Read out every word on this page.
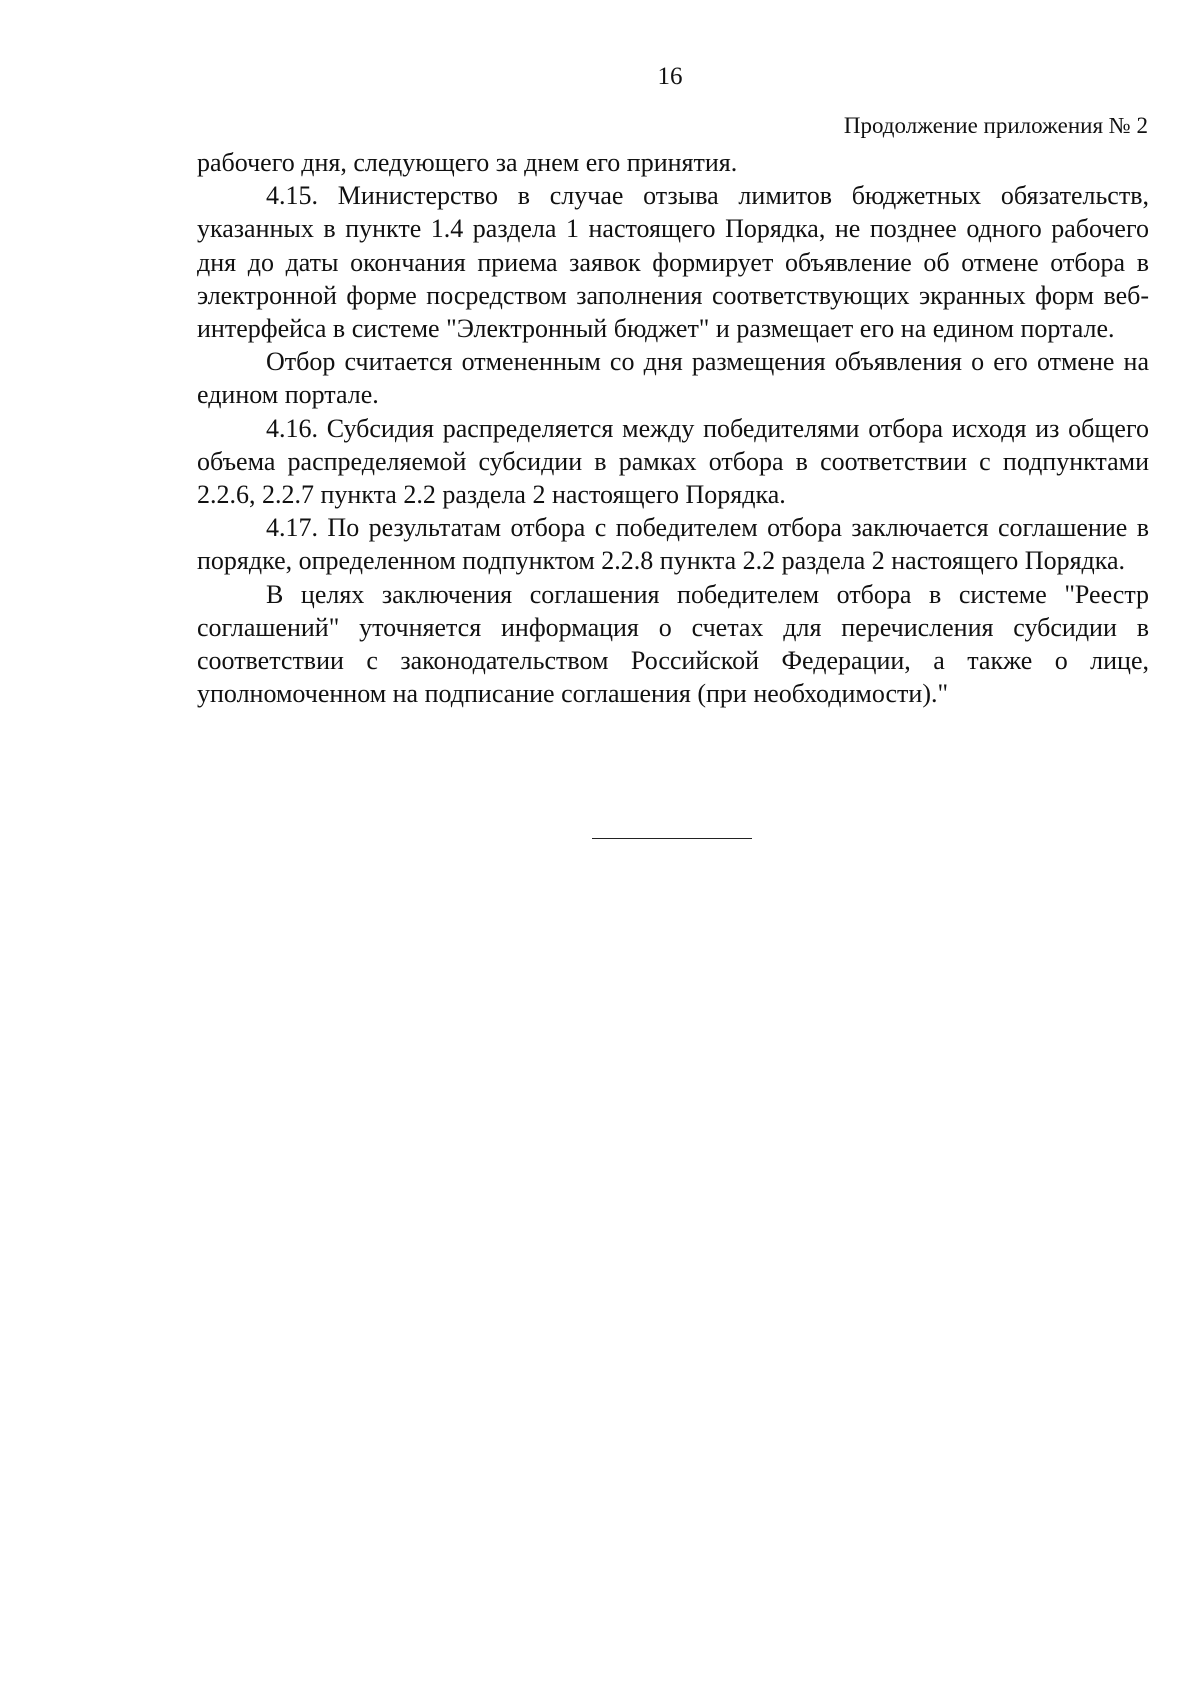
16
Продолжение приложения № 2

рабочего дня, следующего за днем его принятия.

4.15. Министерство в случае отзыва лимитов бюджетных обязательств, указанных в пункте 1.4 раздела 1 настоящего Порядка, не позднее одного рабочего дня до даты окончания приема заявок формирует объявление об отмене отбора в электронной форме посредством заполнения соответствующих экранных форм веб-интерфейса в системе "Электронный бюджет" и размещает его на едином портале.

Отбор считается отмененным со дня размещения объявления о его отмене на едином портале.

4.16. Субсидия распределяется между победителями отбора исходя из общего объема распределяемой субсидии в рамках отбора в соответствии с подпунктами 2.2.6, 2.2.7 пункта 2.2 раздела 2 настоящего Порядка.

4.17. По результатам отбора с победителем отбора заключается соглашение в порядке, определенном подпунктом 2.2.8 пункта 2.2 раздела 2 настоящего Порядка.

В целях заключения соглашения победителем отбора в системе "Реестр соглашений" уточняется информация о счетах для перечисления субсидии в соответствии с законодательством Российской Федерации, а также о лице, уполномоченном на подписание соглашения (при необходимости)."
